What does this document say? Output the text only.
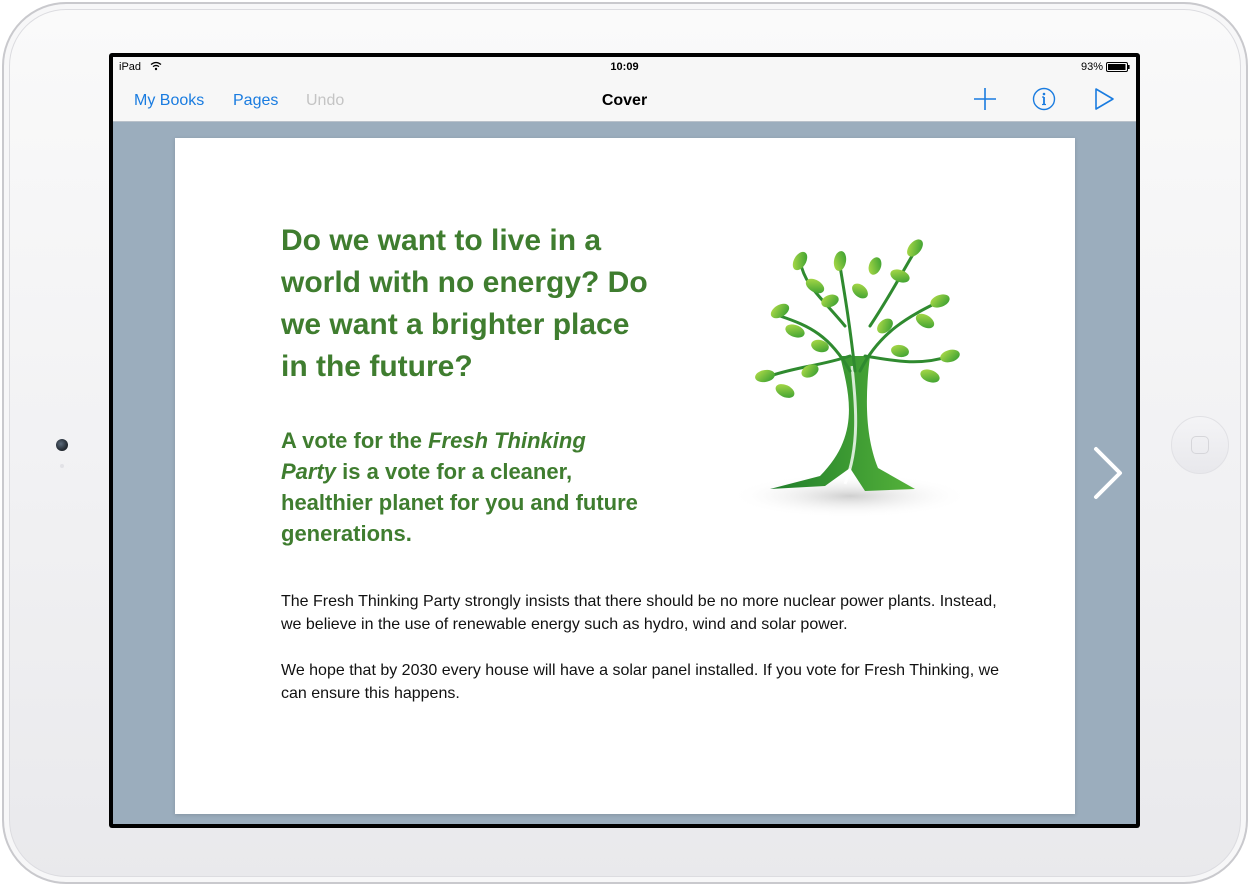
iPad	10:09	93%
My Books Pages Undo	Cover
Do we want to live in a world with no energy? Do we want a brighter place in the future?
A vote for the Fresh Thinking Party is a vote for a cleaner, healthier planet for you and future generations.

The Fresh Thinking Party strongly insists that there should be no more nuclear power plants. Instead, we believe in the use of renewable energy such as hydro, wind and solar power.

We hope that by 2030 every house will have a solar panel installed. If you vote for Fresh Thinking, we can ensure this happens.
